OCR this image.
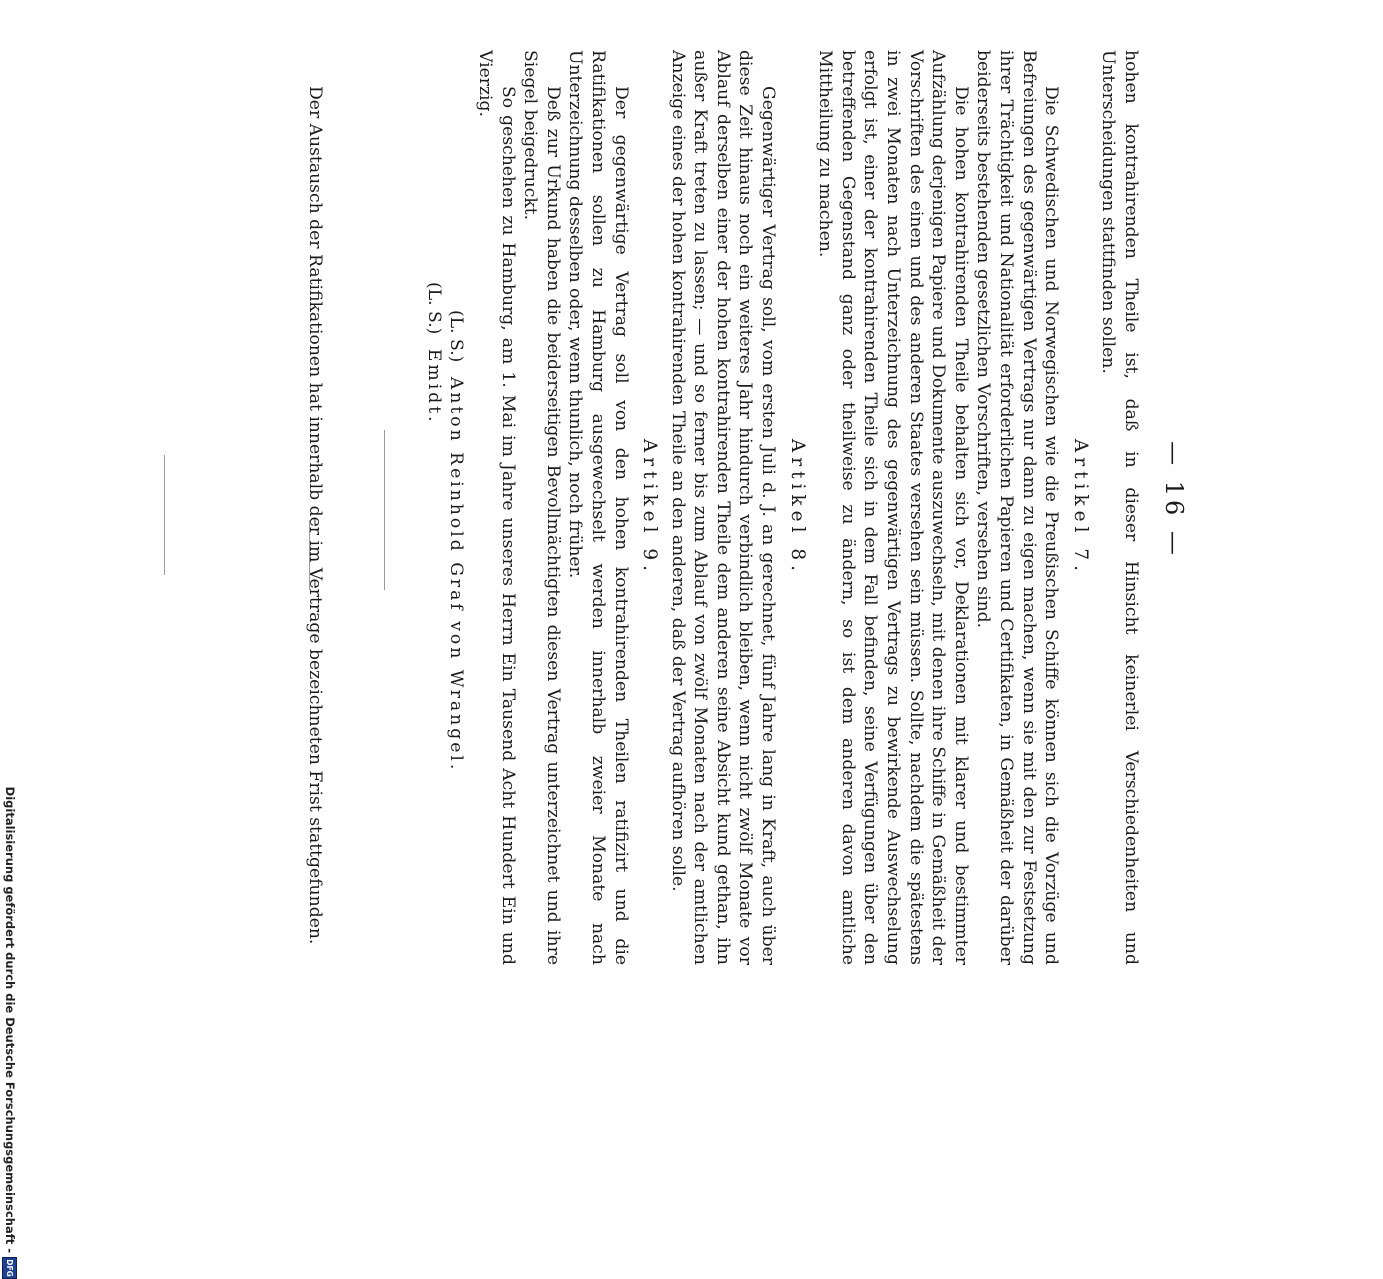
Digitalisierung gefördert durch die Deutsche Forschungsgemeinschaft -
DFG
— 16 —

hohen kontrahirenden Theile ist, daß in dieser Hinsicht keinerlei Verschiedenheiten und Unterscheidungen stattfinden sollen.

Artikel 7.

Die Schwedischen und Norwegischen wie die Preußischen Schiffe können sich die Vorzüge und Befreiungen des gegenwärtigen Vertrags nur dann zu eigen machen, wenn sie mit den zur Festsetzung ihrer Trächtigkeit und Nationalität erforderlichen Papieren und Certifikaten, in Gemäßheit der darüber beiderseits bestehenden gesetzlichen Vorschriften, versehen sind.

Die hohen kontrahirenden Theile behalten sich vor, Deklarationen mit klarer und bestimmter Aufzählung derjenigen Papiere und Dokumente auszuwechseln, mit denen ihre Schiffe in Gemäßheit der Vorschriften des einen und des anderen Staates versehen sein müssen. Sollte, nachdem die spätestens in zwei Monaten nach Unterzeichnung des gegenwärtigen Vertrags zu bewirkende Auswechselung erfolgt ist, einer der kontrahirenden Theile sich in dem Fall befinden, seine Verfügungen über den betreffenden Gegenstand ganz oder theilweise zu ändern, so ist dem anderen davon amtliche Mittheilung zu machen.

Artikel 8.

Gegenwärtiger Vertrag soll, vom ersten Juli d. J. an gerechnet, fünf Jahre lang in Kraft, auch über diese Zeit hinaus noch ein weiteres Jahr hindurch verbindlich bleiben, wenn nicht zwölf Monate vor Ablauf derselben einer der hohen kontrahirenden Theile dem anderen seine Absicht kund gethan, ihn außer Kraft treten zu lassen; — und so ferner bis zum Ablauf von zwölf Monaten nach der amtlichen Anzeige eines der hohen kontrahirenden Theile an den anderen, daß der Vertrag aufhören solle.

Artikel 9.

Der gegenwärtige Vertrag soll von den hohen kontrahirenden Theilen ratifizirt und die Ratifikationen sollen zu Hamburg ausgewechselt werden innerhalb zweier Monate nach Unterzeichnung desselben oder, wenn thunlich, noch früher.

Deß zur Urkund haben die beiderseitigen Bevollmächtigten diesen Vertrag unterzeichnet und ihre Siegel beigedruckt.

So geschehen zu Hamburg, am 1. Mai im Jahre unseres Herrn Ein Tausend Acht Hundert Ein und Vierzig.

(L. S.) Anton Reinhold Graf von Wrangel.

(L. S.) Emidt.

Der Austausch der Ratifikationen hat innerhalb der im Vertrage bezeichneten Frist stattgefunden.
